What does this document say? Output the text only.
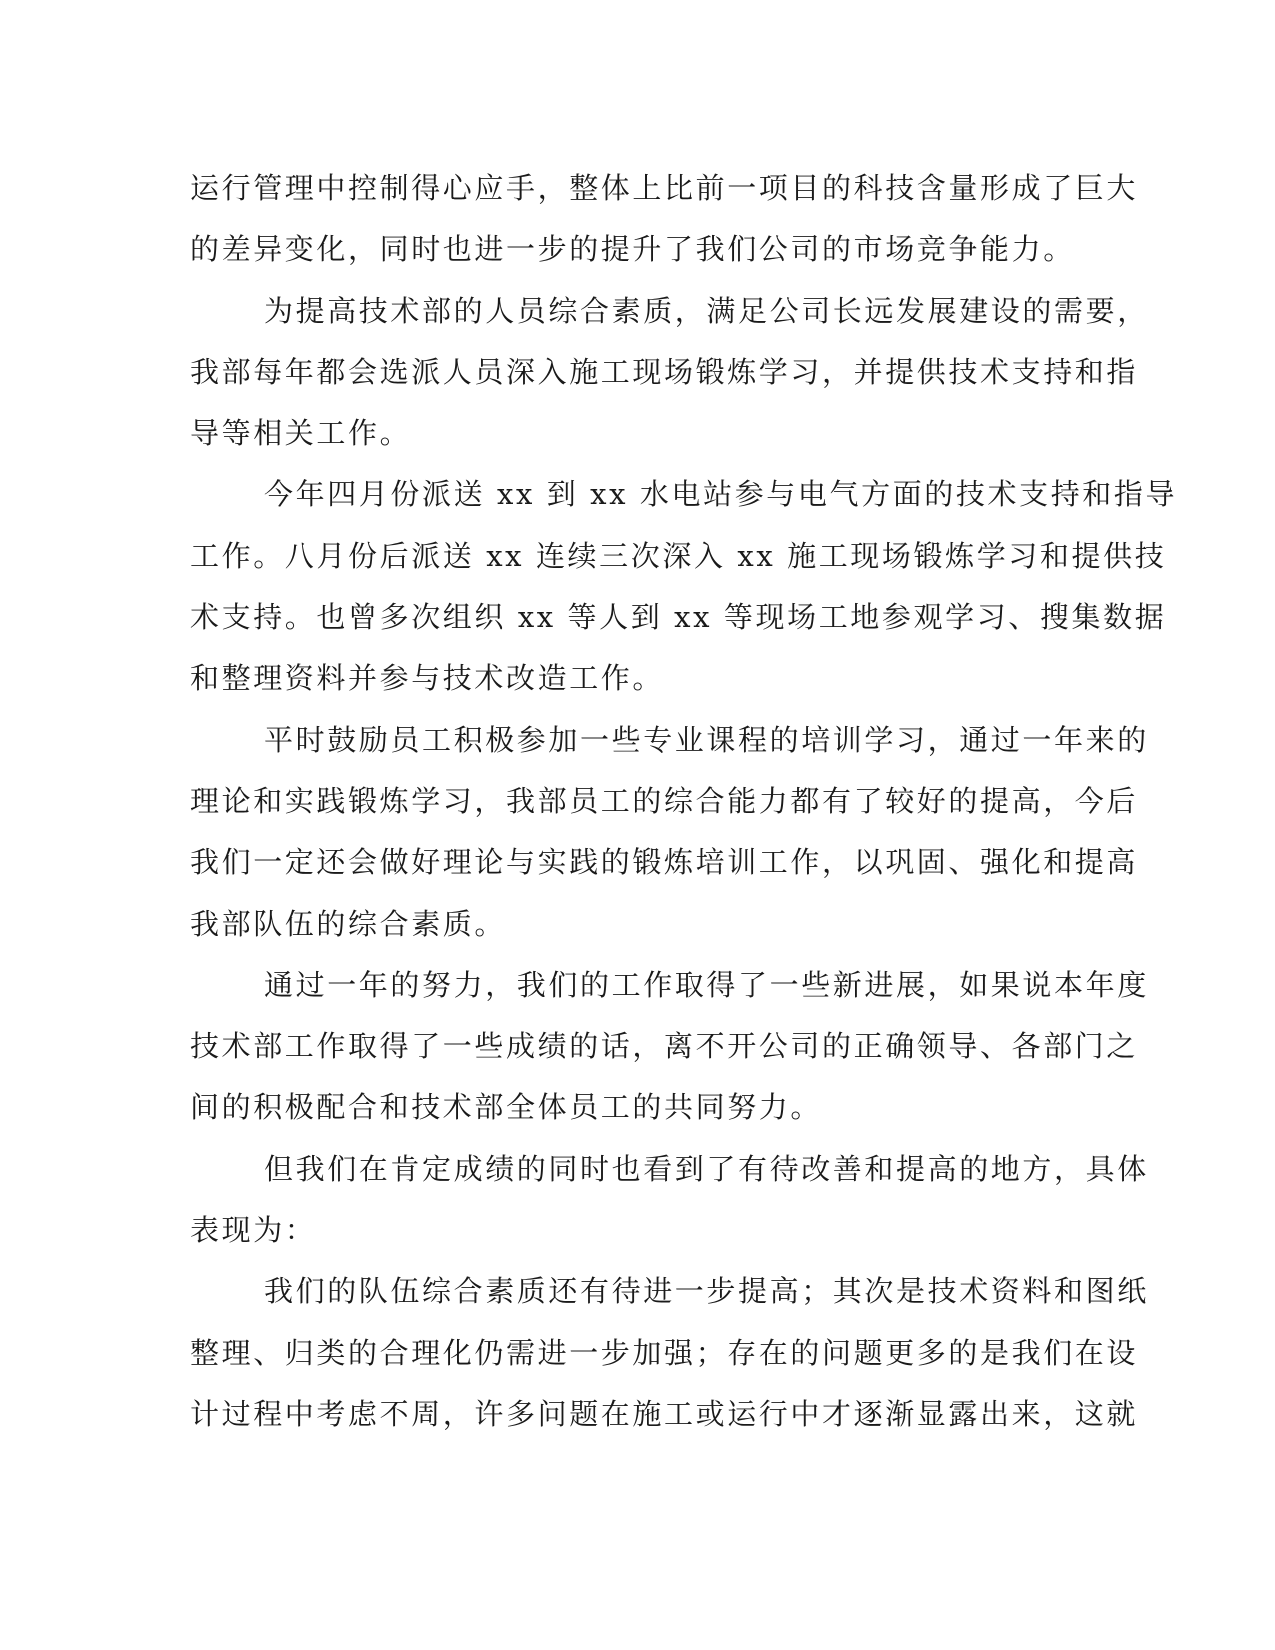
运行管理中控制得心应手，整体上比前一项目的科技含量形成了巨大

的差异变化，同时也进一步的提升了我们公司的市场竞争能力。

为提高技术部的人员综合素质，满足公司长远发展建设的需要，

我部每年都会选派人员深入施工现场锻炼学习，并提供技术支持和指

导等相关工作。

今年四月份派送 xx 到 xx 水电站参与电气方面的技术支持和指导

工作。八月份后派送 xx 连续三次深入 xx 施工现场锻炼学习和提供技

术支持。也曾多次组织 xx 等人到 xx 等现场工地参观学习、搜集数据

和整理资料并参与技术改造工作。

平时鼓励员工积极参加一些专业课程的培训学习，通过一年来的

理论和实践锻炼学习，我部员工的综合能力都有了较好的提高，今后

我们一定还会做好理论与实践的锻炼培训工作，以巩固、强化和提高

我部队伍的综合素质。

通过一年的努力，我们的工作取得了一些新进展，如果说本年度

技术部工作取得了一些成绩的话，离不开公司的正确领导、各部门之

间的积极配合和技术部全体员工的共同努力。

但我们在肯定成绩的同时也看到了有待改善和提高的地方，具体

表现为：

我们的队伍综合素质还有待进一步提高；其次是技术资料和图纸

整理、归类的合理化仍需进一步加强；存在的问题更多的是我们在设

计过程中考虑不周，许多问题在施工或运行中才逐渐显露出来，这就
